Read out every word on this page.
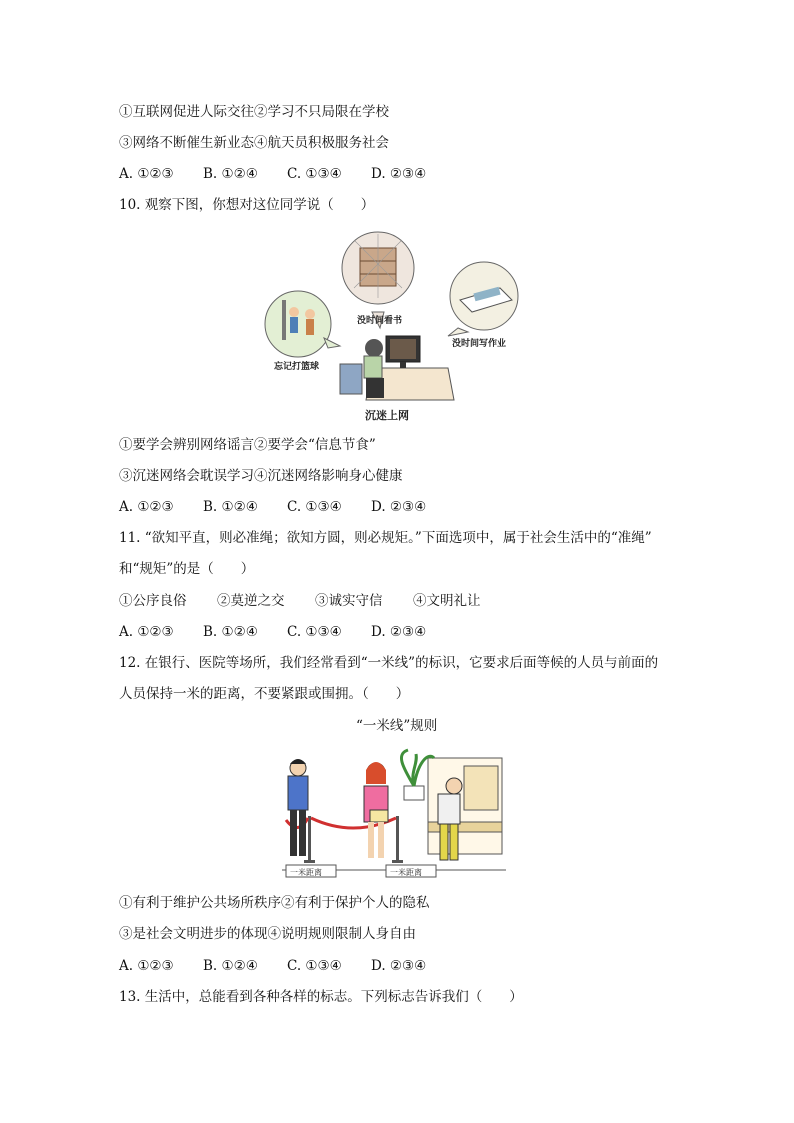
①互联网促进人际交往②学习不只局限在学校
③网络不断催生新业态④航天员积极服务社会
A. ①②③ B. ①②④ C. ①③④ D. ②③④
10. 观察下图，你想对这位同学说（　　）
没时间看书
没时间写作业
忘记打篮球
沉迷上网
①要学会辨别网络谣言②要学会“信息节食”
③沉迷网络会耽误学习④沉迷网络影响身心健康
A. ①②③ B. ①②④ C. ①③④ D. ②③④
11. “欲知平直，则必准绳；欲知方圆，则必规矩。”下面选项中，属于社会生活中的“准绳”
和“规矩”的是（　　）
①公序良俗 ②莫逆之交 ③诚实守信 ④文明礼让
A. ①②③ B. ①②④ C. ①③④ D. ②③④
12. 在银行、医院等场所，我们经常看到“一米线”的标识，它要求后面等候的人员与前面的
人员保持一米的距离，不要紧跟或围拥。（　　）
“一米线”规则
一米距离	一米距离
①有利于维护公共场所秩序②有利于保护个人的隐私
③是社会文明进步的体现④说明规则限制人身自由
A. ①②③ B. ①②④ C. ①③④ D. ②③④
13. 生活中，总能看到各种各样的标志。下列标志告诉我们（　　）
